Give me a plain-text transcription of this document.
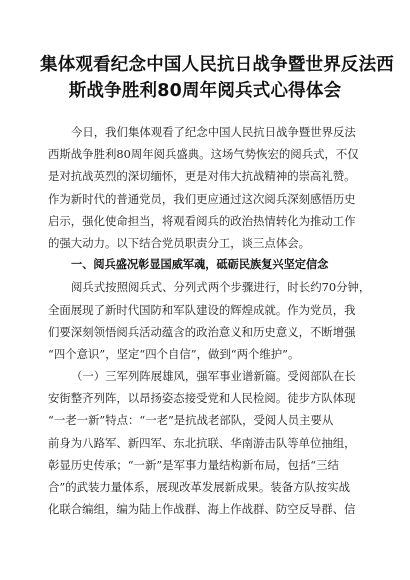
集体观看纪念中国人民抗日战争暨世界反法西
斯战争胜利80周年阅兵式心得体会
今日，我们集体观看了纪念中国人民抗日战争暨世界反法
西斯战争胜利80周年阅兵盛典。这场气势恢宏的阅兵式，不仅
是对抗战英烈的深切缅怀，更是对伟大抗战精神的崇高礼赞。
作为新时代的普通党员，我们更应通过这次阅兵深刻感悟历史
启示，强化使命担当，将观看阅兵的政治热情转化为推动工作
的强大动力。以下结合党员职责分工，谈三点体会。
一、阅兵盛况彰显国威军魂，砥砺民族复兴坚定信念
阅兵式按照阅兵式、分列式两个步骤进行，时长约70分钟，
全面展现了新时代国防和军队建设的辉煌成就。作为党员，我
们要深刻领悟阅兵活动蕴含的政治意义和历史意义，不断增强
“四个意识”，坚定“四个自信”，做到“两个维护”。
（一）三军列阵展雄风，强军事业谱新篇。受阅部队在长
安街整齐列阵，以昂扬姿态接受党和人民检阅。徒步方队体现
“一老一新”特点：“一老”是抗战老部队，受阅人员主要从
前身为八路军、新四军、东北抗联、华南游击队等单位抽组，
彰显历史传承；“一新”是军事力量结构新布局，包括“三结
合”的武装力量体系，展现改革发展新成果。装备方队按实战
化联合编组，编为陆上作战群、海上作战群、防空反导群、信
